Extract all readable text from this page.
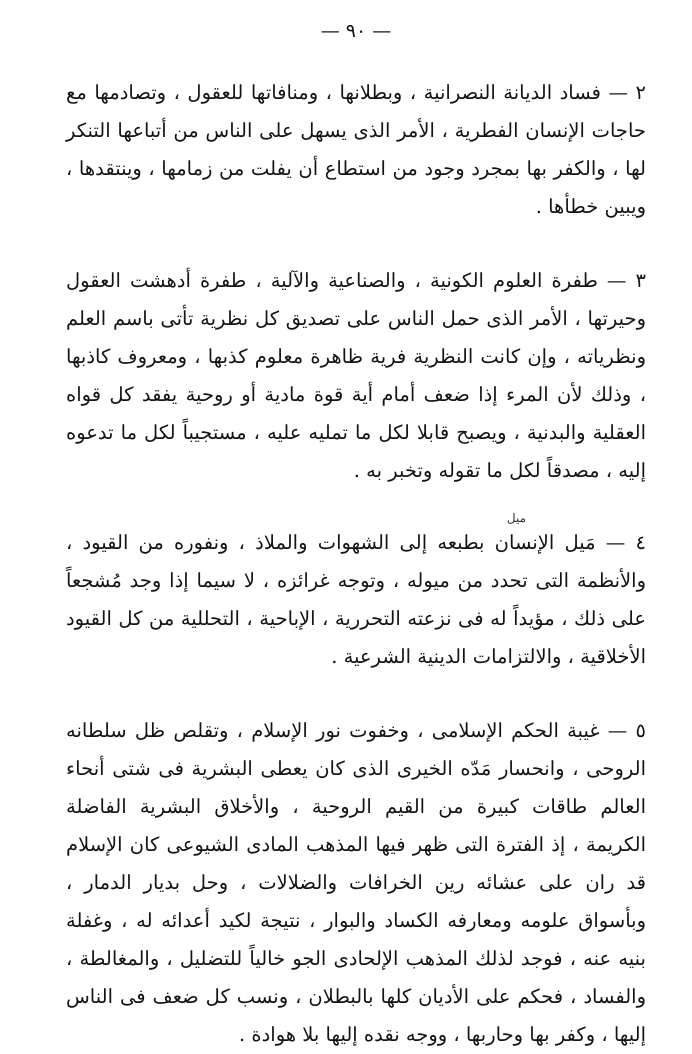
— ٩٠ —

٢ — فساد الديانة النصرانية ، وبطلانها ، ومنافاتها للعقول ، وتصادمها مع حاجات الإنسان الفطرية ، الأمر الذى يسهل على الناس من أتباعها التنكر لها ، والكفر بها بمجرد وجود من استطاع أن يفلت من زمامها ، وينتقدها ، ويبين خطأها .

٣ — طفرة العلوم الكونية ، والصناعية والآلية ، طفرة أدهشت العقول وحيرتها ، الأمر الذى حمل الناس على تصديق كل نظرية تأتى باسم العلم ونظرياته ، وإن كانت النظرية فرية ظاهرة معلوم كذبها ، ومعروف كاذبها ، وذلك لأن المرء إذا ضعف أمام أية قوة مادية أو روحية يفقد كل قواه العقلية والبدنية ، ويصبح قابلا لكل ما تمليه عليه ، مستجيباً لكل ما تدعوه إليه ، مصدقاً لكل ما تقوله وتخبر به .

ميل

٤ — مَيل الإنسان بطبعه إلى الشهوات والملاذ ، ونفوره من القيود ، والأنظمة التى تحدد من ميوله ، وتوجه غرائزه ، لا سيما إذا وجد مُشجعاً على ذلك ، مؤيداً له فى نزعته التحررية ، الإباحية ، التحللية من كل القيود الأخلاقية ، والالتزامات الدينية الشرعية .

٥ — غيبة الحكم الإسلامى ، وخفوت نور الإسلام ، وتقلص ظل سلطانه الروحى ، وانحسار مَدّه الخيرى الذى كان يعطى البشرية فى شتى أنحاء العالم طاقات كبيرة من القيم الروحية ، والأخلاق البشرية الفاضلة الكريمة ، إذ الفترة التى ظهر فيها المذهب المادى الشيوعى كان الإسلام قد ران على عشائه رين الخرافات والضلالات ، وحل بديار الدمار ، وبأسواق علومه ومعارفه الكساد والبوار ، نتيجة لكيد أعدائه له ، وغفلة بنيه عنه ، فوجد لذلك المذهب الإلحادى الجو خالياً للتضليل ، والمغالطة ، والفساد ، فحكم على الأديان كلها بالبطلان ، ونسب كل ضعف فى الناس إليها ، وكفر بها وحاربها ، ووجه نقده إليها بلا هوادة .
